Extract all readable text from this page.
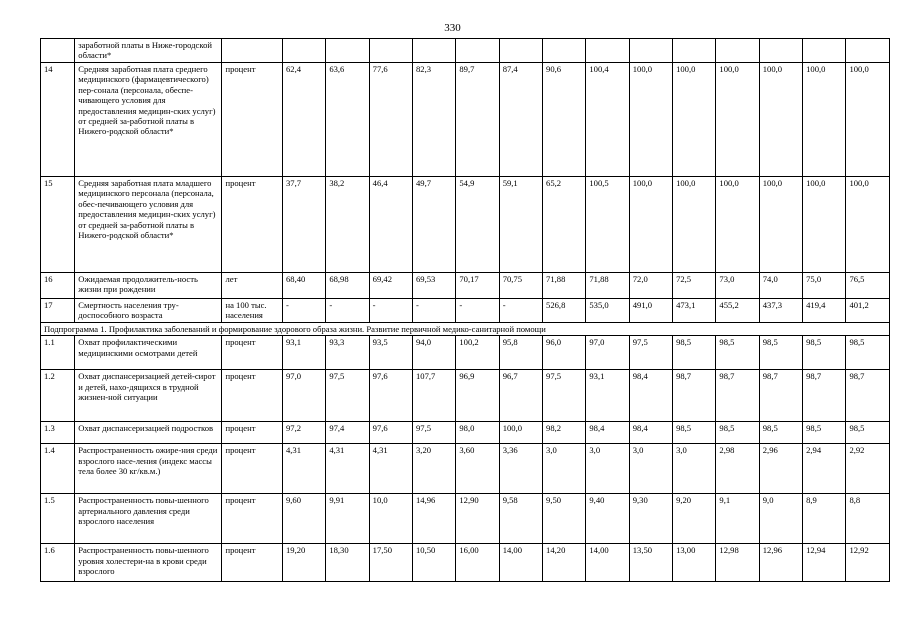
330
	заработной платы в Ниже-городской области*															
14	Средняя заработная плата среднего медицинского (фармацевтического) пер-сонала (персонала, обеспе-чивающего условия для предоставления медицин-ских услуг) от средней за-работной платы в Нижего-родской области*	процент	62,4	63,6	77,6	82,3	89,7	87,4	90,6	100,4	100,0	100,0	100,0	100,0	100,0	100,0
15	Средняя заработная плата младшего медицинского персонала (персонала, обес-печивающего условия для предоставления медицин-ских услуг) от средней за-работной платы в Нижего-родской области*	процент	37,7	38,2	46,4	49,7	54,9	59,1	65,2	100,5	100,0	100,0	100,0	100,0	100,0	100,0
16	Ожидаемая продолжитель-ность жизни при рождении	лет	68,40	68,98	69,42	69,53	70,17	70,75	71,88	71,88	72,0	72,5	73,0	74,0	75,0	76,5
17	Смертность населения тру-доспособного возраста	на 100 тыс. населения	-	-	-	-	-	-	526,8	535,0	491,0	473,1	455,2	437,3	419,4	401,2
Подпрограмма 1. Профилактика заболеваний и формирование здорового образа жизни. Развитие первичной медико-санитарной помощи																
1.1	Охват профилактическими медицинскими осмотрами детей	процент	93,1	93,3	93,5	94,0	100,2	95,8	96,0	97,0	97,5	98,5	98,5	98,5	98,5	98,5
1.2	Охват диспансеризацией детей-сирот и детей, нахо-дящихся в трудной жизнен-ной ситуации	процент	97,0	97,5	97,6	107,7	96,9	96,7	97,5	93,1	98,4	98,7	98,7	98,7	98,7	98,7
1.3	Охват диспансеризацией подростков	процент	97,2	97,4	97,6	97,5	98,0	100,0	98,2	98,4	98,4	98,5	98,5	98,5	98,5	98,5
1.4	Распространенность ожире-ния среди взрослого насе-ления (индекс массы тела более 30 кг/кв.м.)	процент	4,31	4,31	4,31	3,20	3,60	3,36	3,0	3,0	3,0	3,0	2,98	2,96	2,94	2,92
1.5	Распространенность повы-шенного артериального давления среди взрослого населения	процент	9,60	9,91	10,0	14,96	12,90	9,58	9,50	9,40	9,30	9,20	9,1	9,0	8,9	8,8
1.6	Распространенность повы-шенного уровня холестери-на в крови среди взрослого	процент	19,20	18,30	17,50	10,50	16,00	14,00	14,20	14,00	13,50	13,00	12,98	12,96	12,94	12,92
